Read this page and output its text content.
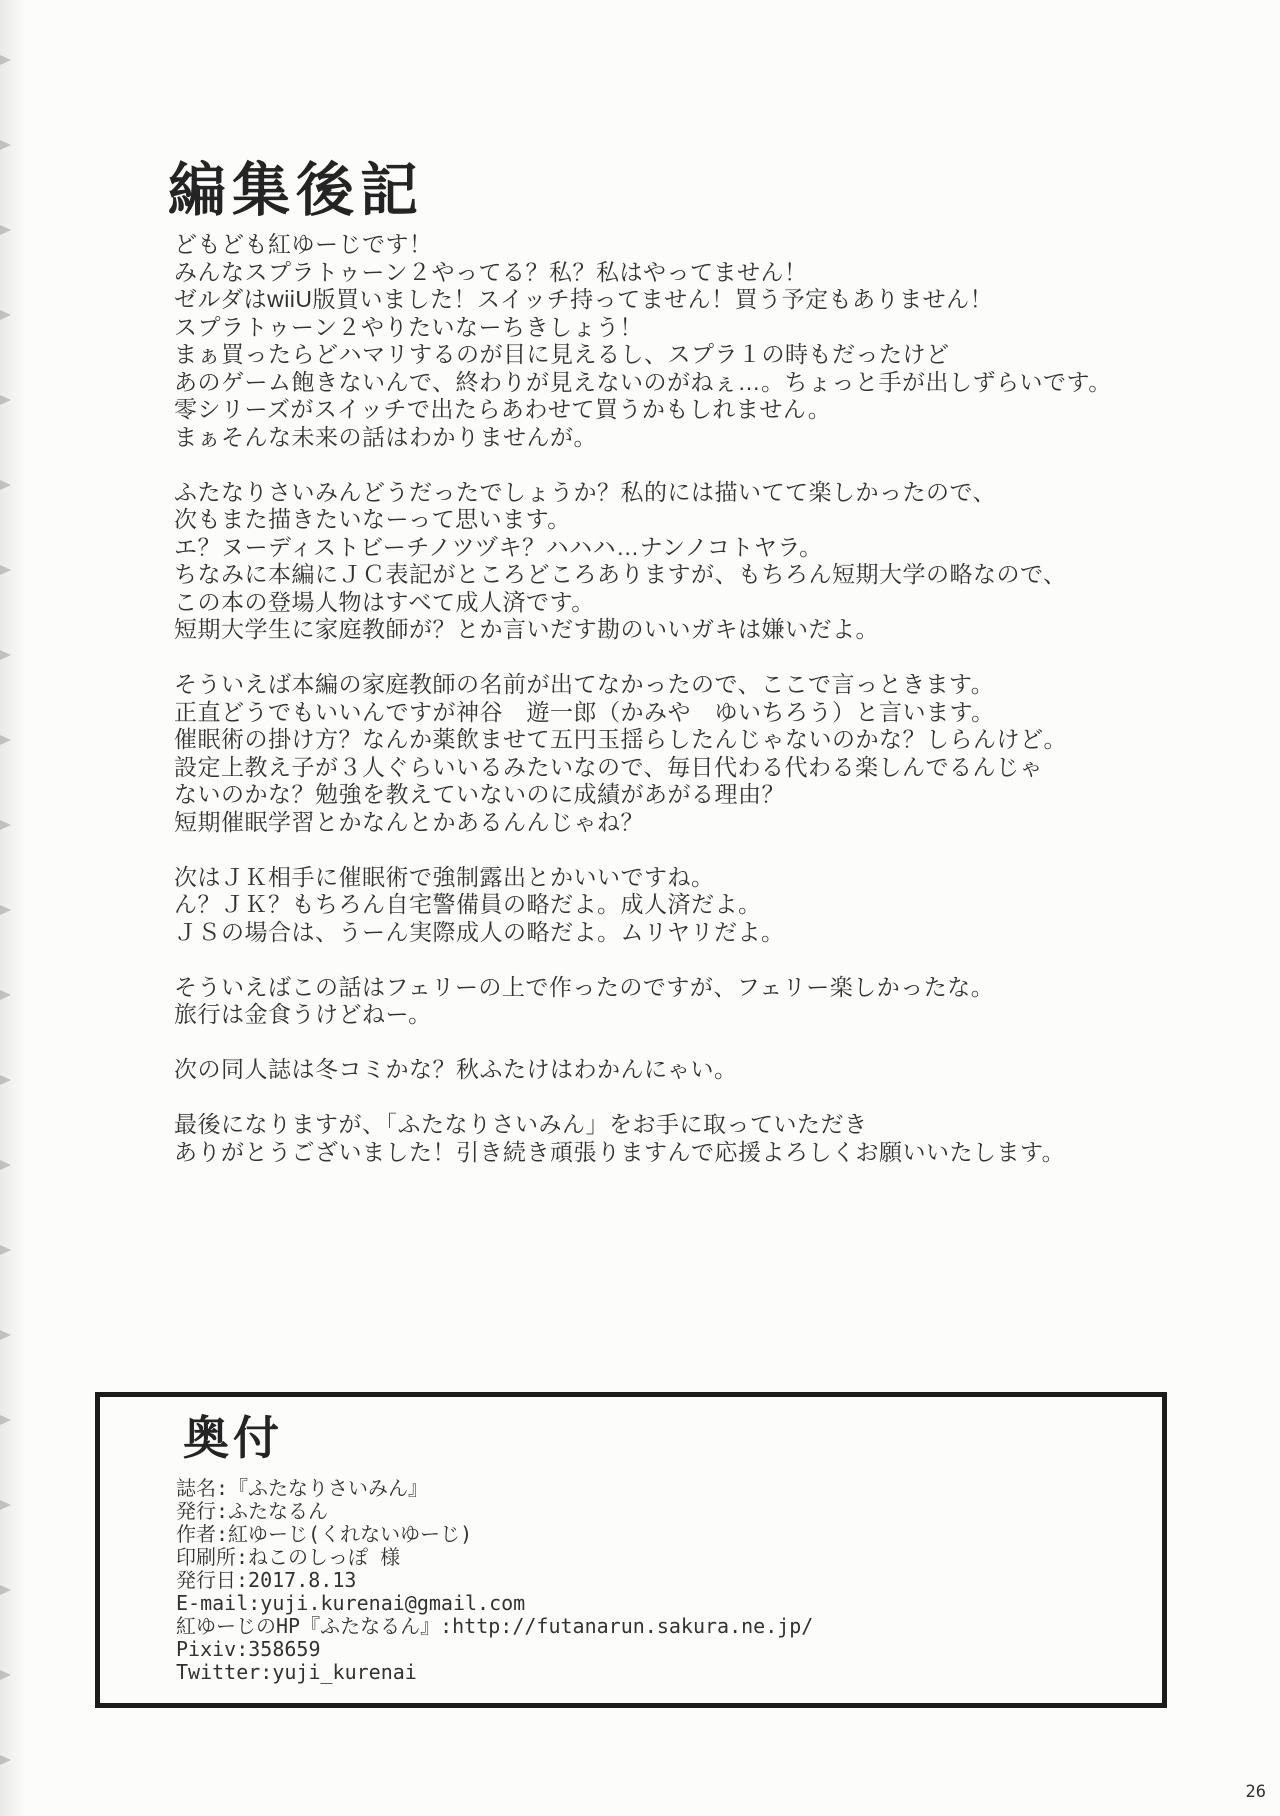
編集後記
どもども紅ゆーじです！
みんなスプラトゥーン２やってる？私？私はやってません！
ゼルダはwiiU版買いました！スイッチ持ってません！買う予定もありません！
スプラトゥーン２やりたいなーちきしょう！
まぁ買ったらどハマリするのが目に見えるし、スプラ１の時もだったけど
あのゲーム飽きないんで、終わりが見えないのがねぇ…。ちょっと手が出しずらいです。
零シリーズがスイッチで出たらあわせて買うかもしれません。
まぁそんな未来の話はわかりませんが。
ふたなりさいみんどうだったでしょうか？私的には描いてて楽しかったので、
次もまた描きたいなーって思います。
エ？ヌーディストビーチノツヅキ？ハハハ…ナンノコトヤラ。
ちなみに本編にＪＣ表記がところどころありますが、もちろん短期大学の略なので、
この本の登場人物はすべて成人済です。
短期大学生に家庭教師が？とか言いだす勘のいいガキは嫌いだよ。
そういえば本編の家庭教師の名前が出てなかったので、ここで言っときます。
正直どうでもいいんですが神谷　遊一郎（かみや　ゆいちろう）と言います。
催眠術の掛け方？なんか薬飲ませて五円玉揺らしたんじゃないのかな？しらんけど。
設定上教え子が３人ぐらいいるみたいなので、毎日代わる代わる楽しんでるんじゃ
ないのかな？勉強を教えていないのに成績があがる理由？
短期催眠学習とかなんとかあるんんじゃね？
次はＪＫ相手に催眠術で強制露出とかいいですね。
ん？ＪＫ？もちろん自宅警備員の略だよ。成人済だよ。
ＪＳの場合は、うーん実際成人の略だよ。ムリヤリだよ。
そういえばこの話はフェリーの上で作ったのですが、フェリー楽しかったな。
旅行は金食うけどねー。
次の同人誌は冬コミかな？秋ふたけはわかんにゃい。
最後になりますが、「ふたなりさいみん」をお手に取っていただき
ありがとうございました！引き続き頑張りますんで応援よろしくお願いいたします。
奥付
誌名:『ふたなりさいみん』
発行:ふたなるん
作者:紅ゆーじ(くれないゆーじ)
印刷所:ねこのしっぽ 様
発行日:2017.8.13
E-mail:yuji.kurenai@gmail.com
紅ゆーじのHP『ふたなるん』:http://futanarun.sakura.ne.jp/
Pixiv:358659
Twitter:yuji_kurenai
26
